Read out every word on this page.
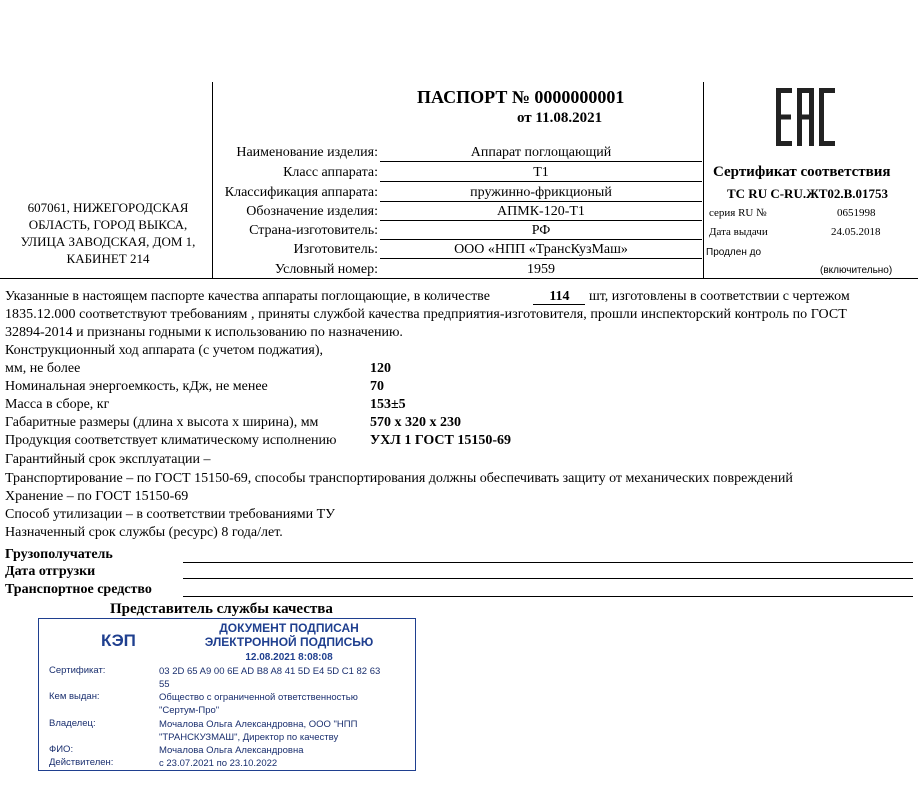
ПАСПОРТ № 0000000001
от 11.08.2021
607061, НИЖЕГОРОДСКАЯ
ОБЛАСТЬ, ГОРОД ВЫКСА,
УЛИЦА ЗАВОДСКАЯ, ДОМ 1,
КАБИНЕТ 214
Наименование изделия:	Аппарат поглощающий
Класс аппарата:	Т1
Классификация аппарата:	пружинно-фрикционый
Обозначение изделия:	АПМК-120-Т1
Страна-изготовитель:	РФ
Изготовитель:	ООО «НПП «ТрансКузМаш»
Условный номер:	1959
Сертификат соответствия
ТС RU C-RU.ЖТ02.В.01753
серия RU №	0651998
Дата выдачи	24.05.2018
Продлен до
(включительно)
Указанные в настоящем паспорте качества аппараты поглощающие, в количестве	114 шт, изготовлены в соответствии с чертежом
1835.12.000 соответствуют требованиям , приняты службой качества предприятия-изготовителя, прошли инспекторский контроль по ГОСТ
32894-2014 и признаны годными к использованию по назначению.
Конструкционный ход аппарата (с учетом поджатия),
мм, не более	120
Номинальная энергоемкость, кДж, не менее	70
Масса в сборе, кг	153±5
Габаритные размеры (длина х высота х ширина), мм	570 х 320 х 230
Продукция соответствует климатическому исполнению УХЛ 1 ГОСТ 15150-69
Гарантийный срок эксплуатации –
Транспортирование – по ГОСТ 15150-69, способы транспортирования должны обеспечивать защиту от механических повреждений
Хранение – по ГОСТ 15150-69
Способ утилизации – в соответствии требованиями ТУ
Назначенный срок службы (ресурс) 8 года/лет.
Грузополучатель
Дата отгрузки
Транспортное средство
Представитель службы качества
КЭП
ДОКУМЕНТ ПОДПИСАН
ЭЛЕКТРОННОЙ ПОДПИСЬЮ
12.08.2021 8:08:08
Сертификат:	03 2D 65 A9 00 6E AD B8 A8 41 5D E4 5D C1 82 63
55
Кем выдан:	Общество с ограниченной ответственностью
"Сертум-Про"
Владелец:	Мочалова Ольга Александровна, ООО "НПП
"ТРАНСКУЗМАШ", Директор по качеству
ФИО:	Мочалова Ольга Александровна
Действителен:	с 23.07.2021 по 23.10.2022
